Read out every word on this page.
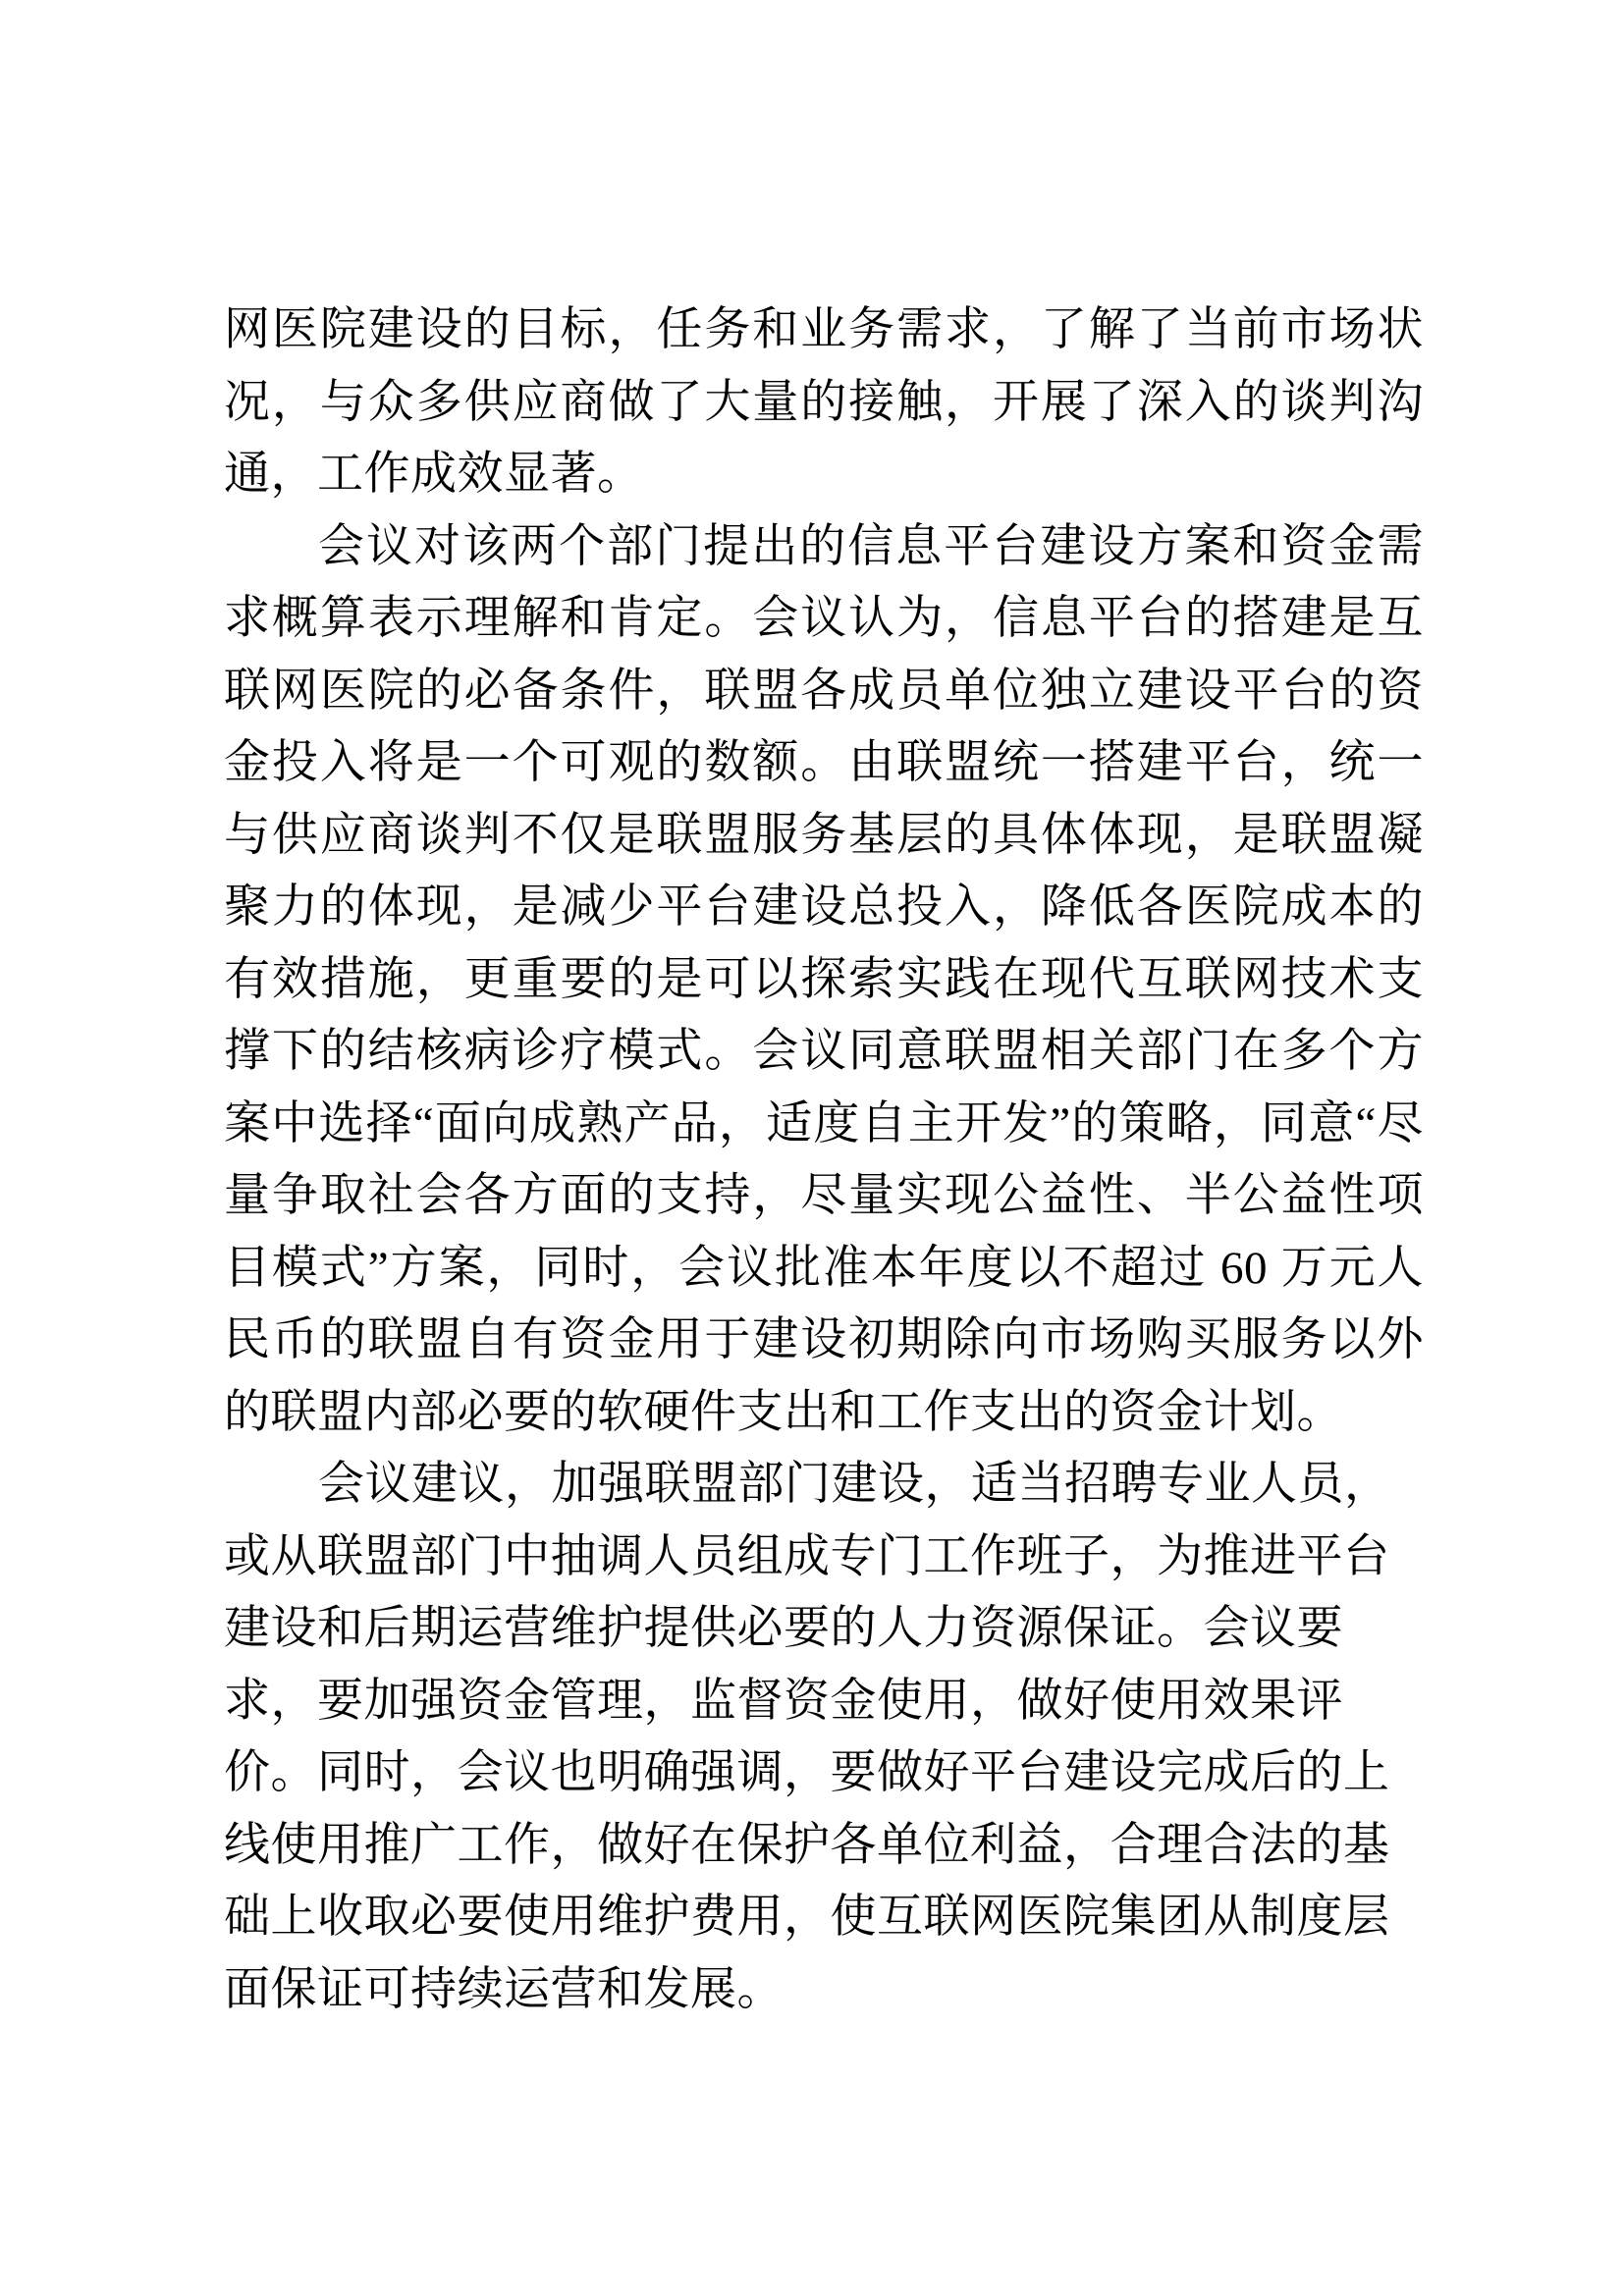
网医院建设的目标，任务和业务需求，了解了当前市场状况，与众多供应商做了大量的接触，开展了深入的谈判沟通，工作成效显著。

会议对该两个部门提出的信息平台建设方案和资金需求概算表示理解和肯定。会议认为，信息平台的搭建是互联网医院的必备条件，联盟各成员单位独立建设平台的资金投入将是一个可观的数额。由联盟统一搭建平台，统一与供应商谈判不仅是联盟服务基层的具体体现，是联盟凝聚力的体现，是减少平台建设总投入，降低各医院成本的有效措施，更重要的是可以探索实践在现代互联网技术支撑下的结核病诊疗模式。会议同意联盟相关部门在多个方案中选择“面向成熟产品，适度自主开发”的策略，同意“尽量争取社会各方面的支持，尽量实现公益性、半公益性项目模式”方案，同时，会议批准本年度以不超过 60 万元人民币的联盟自有资金用于建设初期除向市场购买服务以外的联盟内部必要的软硬件支出和工作支出的资金计划。

会议建议，加强联盟部门建设，适当招聘专业人员，或从联盟部门中抽调人员组成专门工作班子，为推进平台建设和后期运营维护提供必要的人力资源保证。会议要求，要加强资金管理，监督资金使用，做好使用效果评价。同时，会议也明确强调，要做好平台建设完成后的上线使用推广工作，做好在保护各单位利益，合理合法的基础上收取必要使用维护费用，使互联网医院集团从制度层面保证可持续运营和发展。
